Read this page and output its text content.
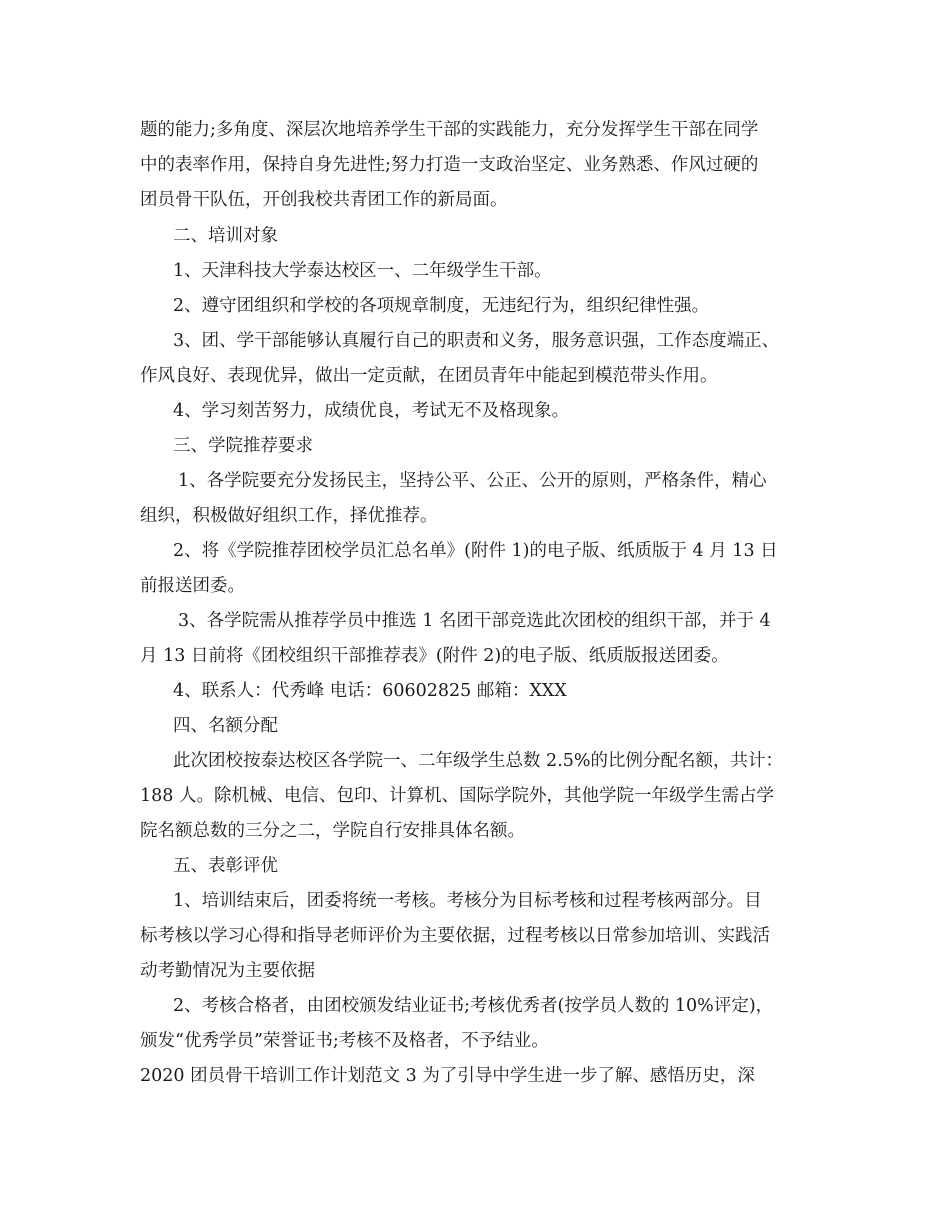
题的能力;多角度、深层次地培养学生干部的实践能力，充分发挥学生干部在同学
中的表率作用，保持自身先进性;努力打造一支政治坚定、业务熟悉、作风过硬的
团员骨干队伍，开创我校共青团工作的新局面。
二、培训对象
1、天津科技大学泰达校区一、二年级学生干部。
2、遵守团组织和学校的各项规章制度，无违纪行为，组织纪律性强。
3、团、学干部能够认真履行自己的职责和义务，服务意识强，工作态度端正、
作风良好、表现优异，做出一定贡献，在团员青年中能起到模范带头作用。
4、学习刻苦努力，成绩优良，考试无不及格现象。
三、学院推荐要求
1、各学院要充分发扬民主，坚持公平、公正、公开的原则，严格条件，精心
组织，积极做好组织工作，择优推荐。
2、将《学院推荐团校学员汇总名单》(附件 1)的电子版、纸质版于 4 月 13 日
前报送团委。
3、各学院需从推荐学员中推选 1 名团干部竞选此次团校的组织干部，并于 4
月 13 日前将《团校组织干部推荐表》(附件 2)的电子版、纸质版报送团委。
4、联系人：代秀峰 电话：60602825 邮箱：XXX
四、名额分配
此次团校按泰达校区各学院一、二年级学生总数 2.5%的比例分配名额，共计：
188 人。除机械、电信、包印、计算机、国际学院外，其他学院一年级学生需占学
院名额总数的三分之二，学院自行安排具体名额。
五、表彰评优
1、培训结束后，团委将统一考核。考核分为目标考核和过程考核两部分。目
标考核以学习心得和指导老师评价为主要依据，过程考核以日常参加培训、实践活
动考勤情况为主要依据
2、考核合格者，由团校颁发结业证书;考核优秀者(按学员人数的 10%评定)，
颁发“优秀学员”荣誉证书;考核不及格者，不予结业。
2020 团员骨干培训工作计划范文 3 为了引导中学生进一步了解、感悟历史，深
